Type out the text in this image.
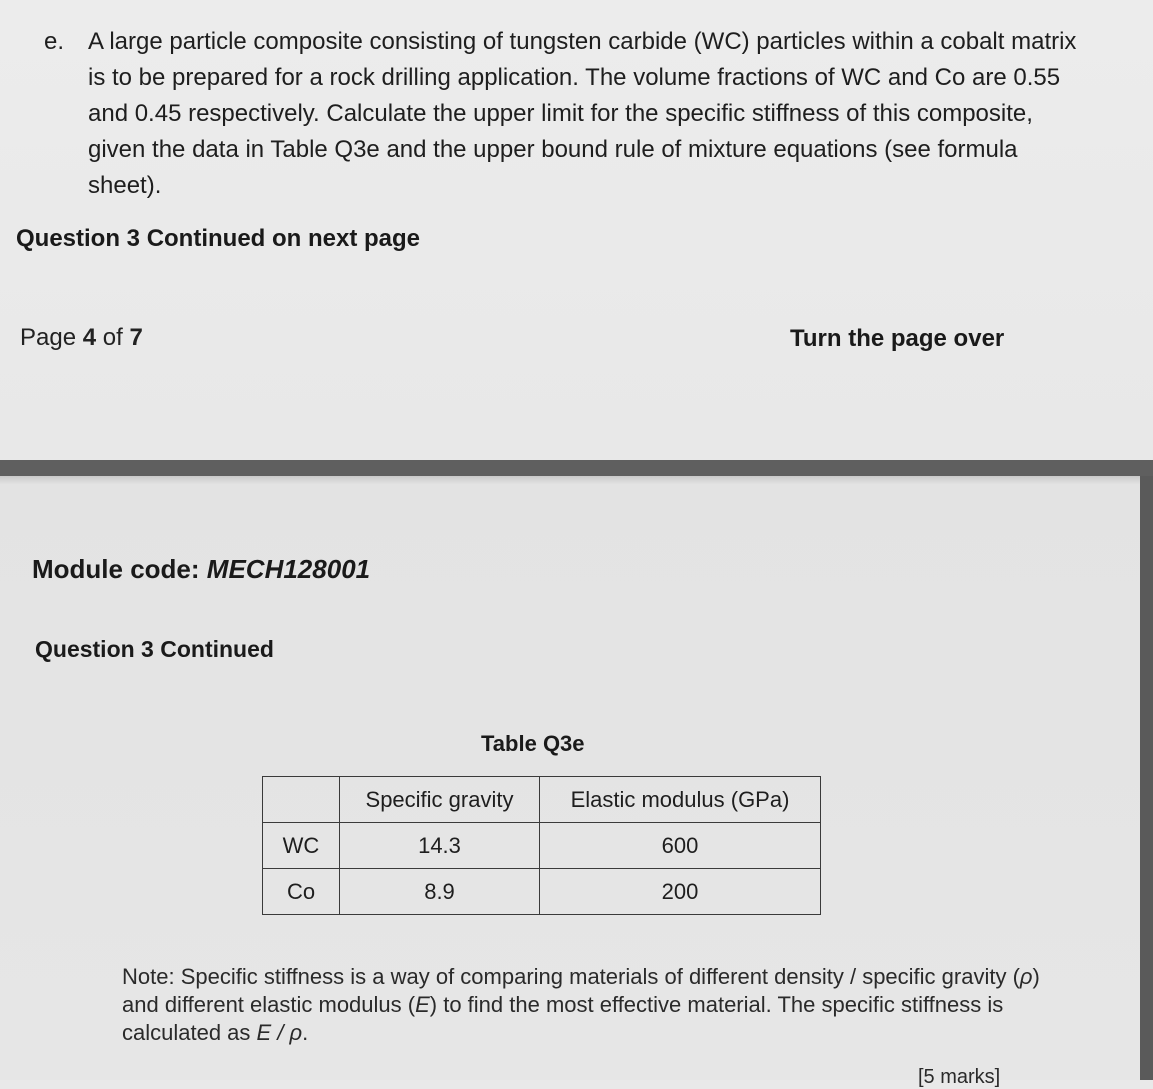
e. A large particle composite consisting of tungsten carbide (WC) particles within a cobalt matrix is to be prepared for a rock drilling application. The volume fractions of WC and Co are 0.55 and 0.45 respectively. Calculate the upper limit for the specific stiffness of this composite, given the data in Table Q3e and the upper bound rule of mixture equations (see formula sheet).
Question 3 Continued on next page
Page 4 of 7	Turn the page over
Module code: MECH128001
Question 3 Continued
Table Q3e
	Specific gravity	Elastic modulus (GPa)
WC	14.3	600
Co	8.9	200
Note: Specific stiffness is a way of comparing materials of different density / specific gravity (ρ) and different elastic modulus (E) to find the most effective material. The specific stiffness is calculated as E / ρ.
[5 marks]
